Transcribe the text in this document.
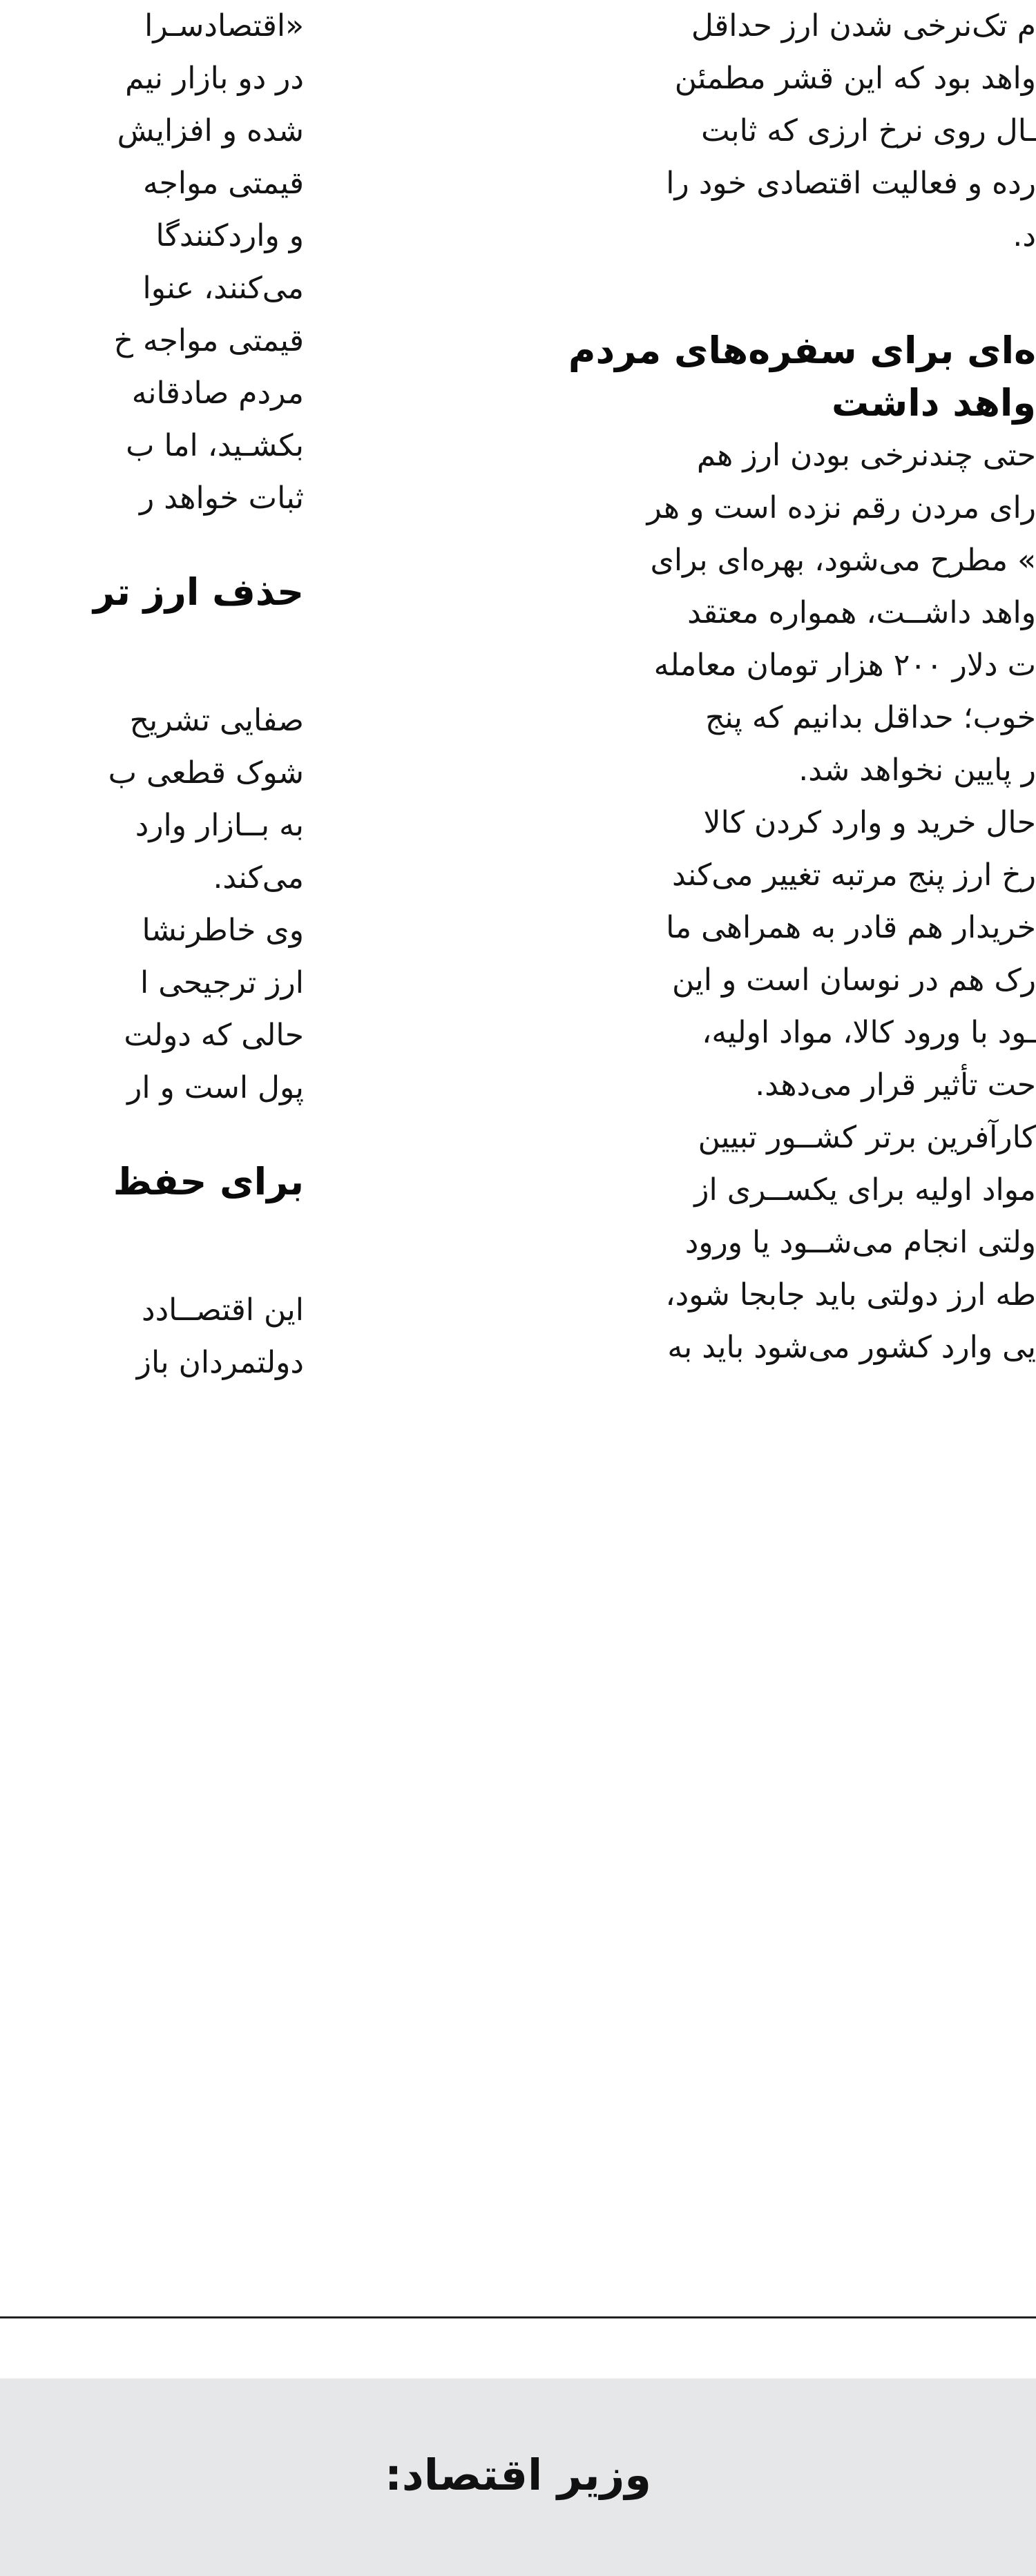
م تک‌نرخی شدن ارز حداقل
واهد بود که این قشر مطمئن
ـال روی نرخ ارزی که ثابت
رده و فعالیت اقتصادی خود را
د.
ه‌ای برای سفره‌های مردم
واهد داشت
حتی چندنرخی بودن ارز هم
رای مردن رقم نزده است و هر
» مطرح می‌شود، بهره‌ای برای
واهد داشــت، همواره معتقد
ت دلار ۲۰۰ هزار تومان معامله
خوب؛ حداقل بدانیم که پنج
ر پایین نخواهد شد.
حال خرید و وارد کردن کالا
رخ ارز پنج مرتبه تغییر می‌کند
خریدار هم قادر به همراهی ما
رک هم در نوسان است و این
ـود با ورود کالا، مواد اولیه،
حت تأثیر قرار می‌دهد.
کارآفرین برتر کشــور تبیین
مواد اولیه برای یکســری از
ولتی انجام می‌شــود یا ورود
طه ارز دولتی باید جابجا شود،
یی وارد کشور می‌شود باید به
«اقتصادسـرا
در دو بازار نیم
شده و افزایش
قیمتی مواجه
و واردکنندگا
می‌کنند، عنوا
قیمتی مواجه خ
مردم صادقانه
بکشـید، اما ب
ثبات خواهد ر
حذف ارز تر
صفایی تشریح
شوک قطعی ب
به بــازار وارد
می‌کند.
وی خاطرنشا
ارز ترجیحی ا
حالی که دولت
پول است و ار
برای حفظ
این اقتصــادد
دولتمردان باز
وزیر اقتصاد:
